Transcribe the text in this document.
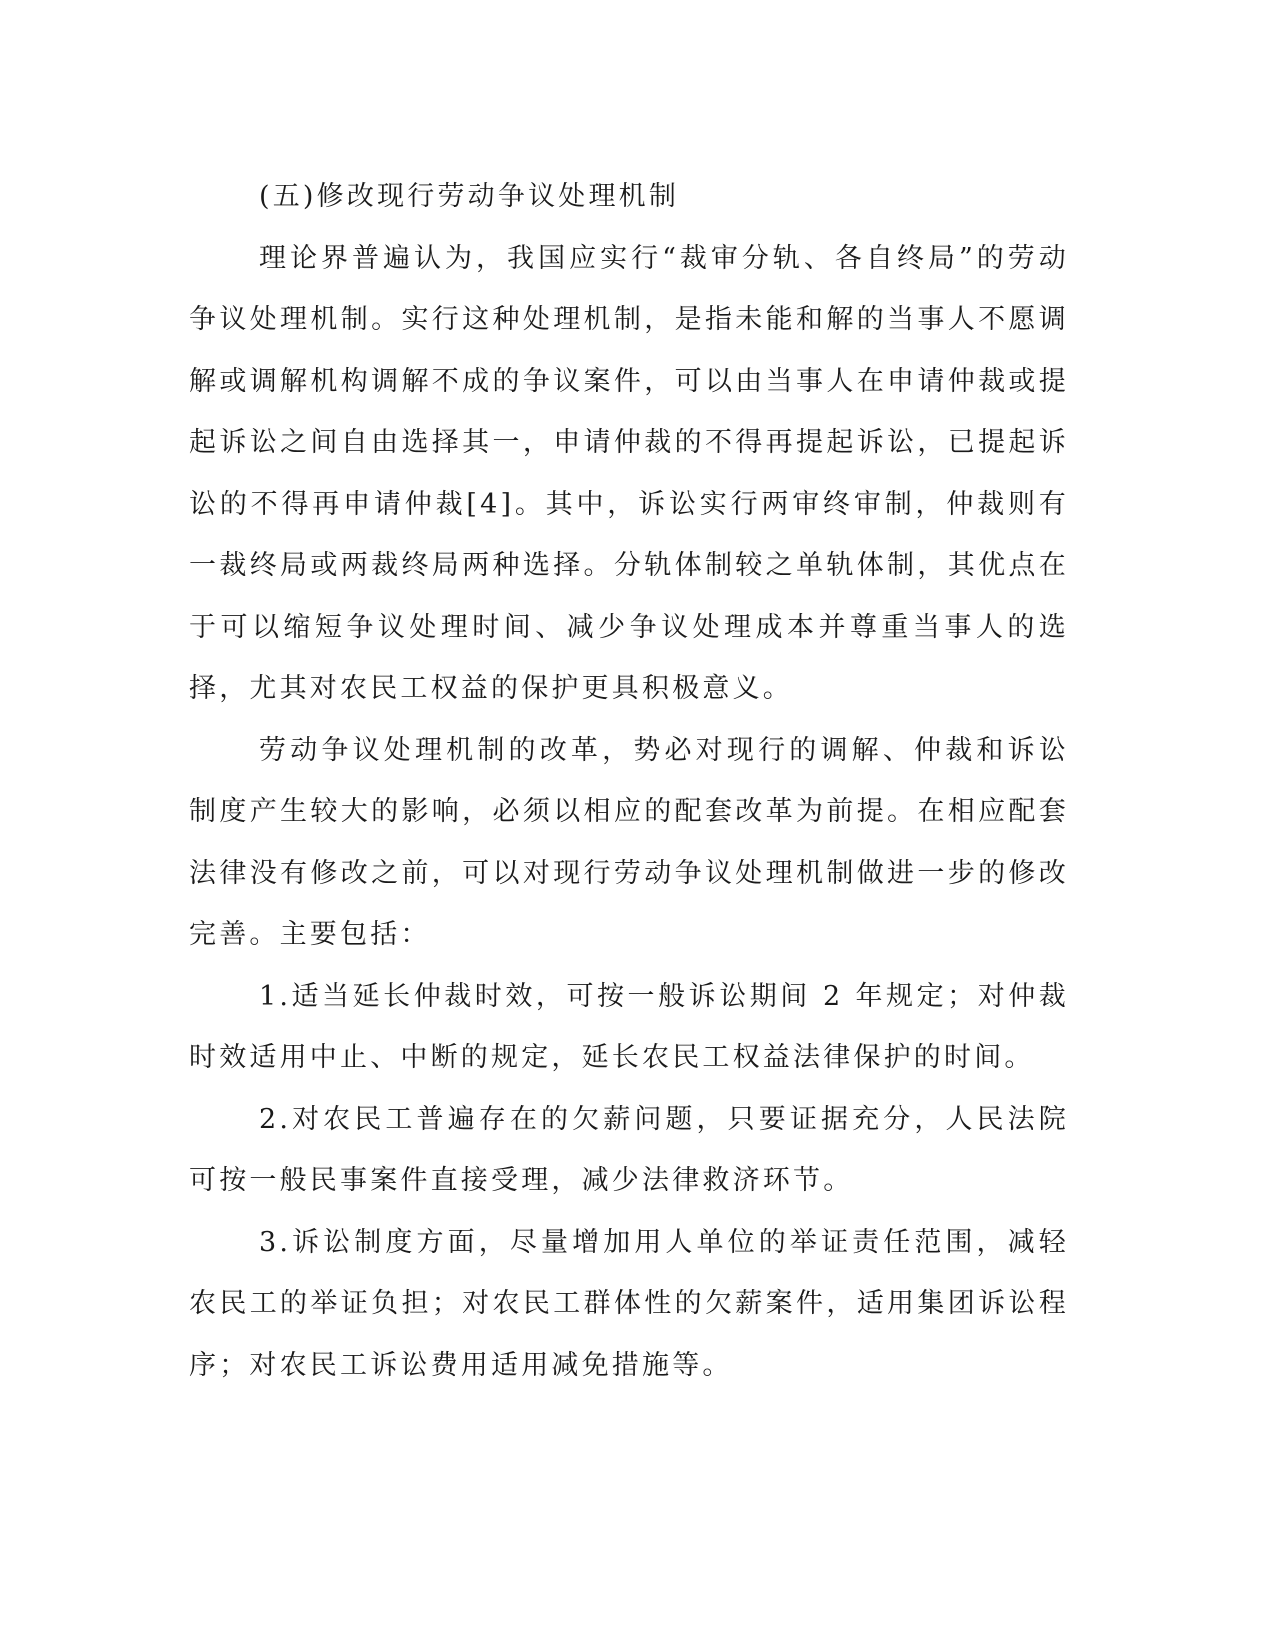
(五)修改现行劳动争议处理机制

理论界普遍认为，我国应实行“裁审分轨、各自终局”的劳动争议处理机制。实行这种处理机制，是指未能和解的当事人不愿调解或调解机构调解不成的争议案件，可以由当事人在申请仲裁或提起诉讼之间自由选择其一，申请仲裁的不得再提起诉讼，已提起诉讼的不得再申请仲裁[4]。其中，诉讼实行两审终审制，仲裁则有一裁终局或两裁终局两种选择。分轨体制较之单轨体制，其优点在于可以缩短争议处理时间、减少争议处理成本并尊重当事人的选择，尤其对农民工权益的保护更具积极意义。

劳动争议处理机制的改革，势必对现行的调解、仲裁和诉讼制度产生较大的影响，必须以相应的配套改革为前提。在相应配套法律没有修改之前，可以对现行劳动争议处理机制做进一步的修改完善。主要包括：

1.适当延长仲裁时效，可按一般诉讼期间 2 年规定；对仲裁时效适用中止、中断的规定，延长农民工权益法律保护的时间。

2.对农民工普遍存在的欠薪问题，只要证据充分，人民法院可按一般民事案件直接受理，减少法律救济环节。

3.诉讼制度方面，尽量增加用人单位的举证责任范围，减轻农民工的举证负担；对农民工群体性的欠薪案件，适用集团诉讼程序；对农民工诉讼费用适用减免措施等。
